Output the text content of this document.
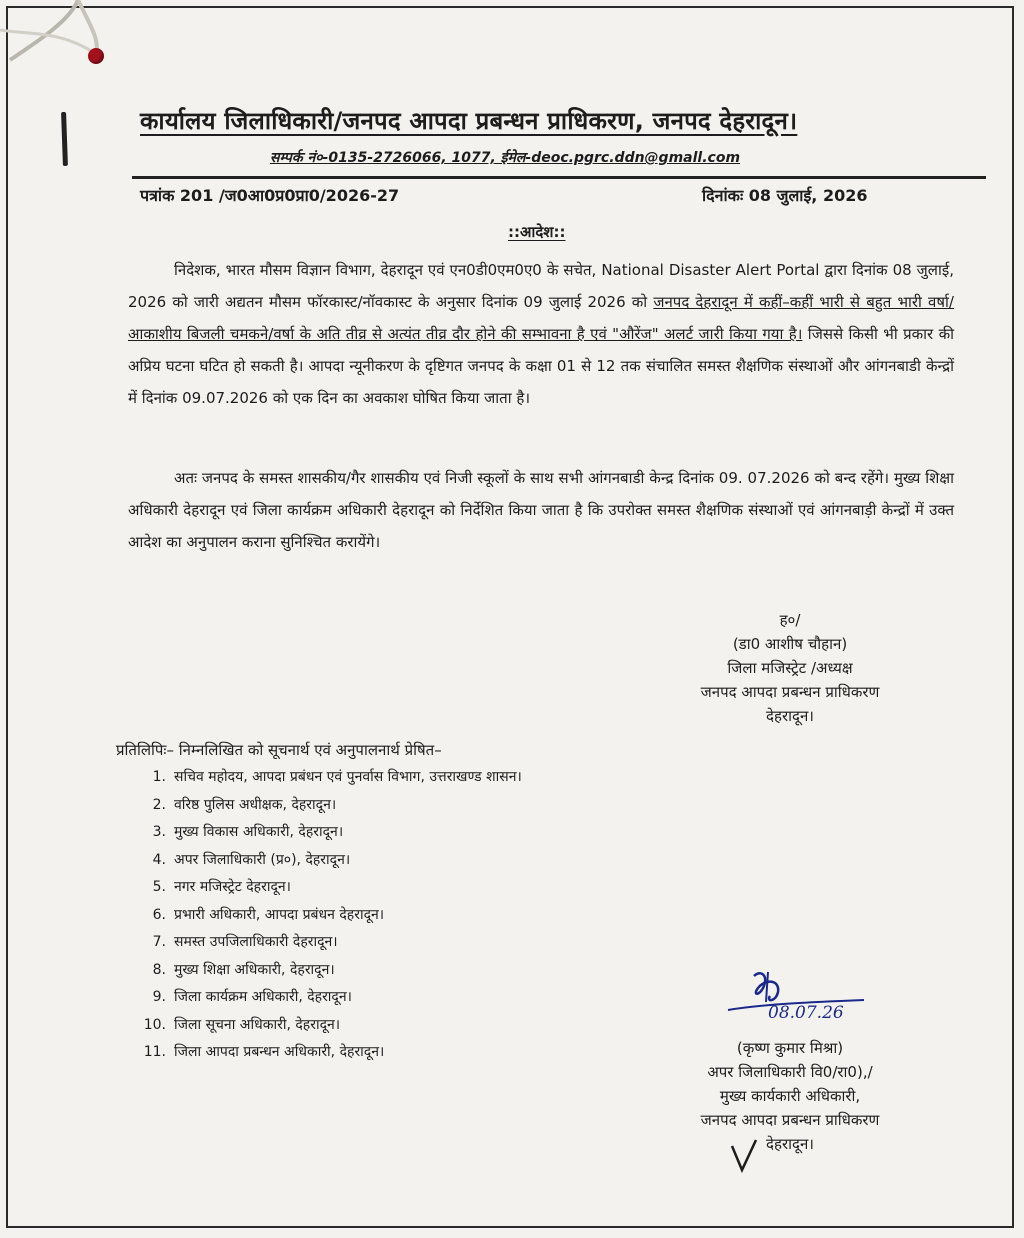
कार्यालय जिलाधिकारी/जनपद आपदा प्रबन्धन प्राधिकरण, जनपद देहरादून।
सम्पर्क नं०-0135-2726066, 1077, ईमेल-deoc.pgrc.ddn@gmall.com
पत्रांक 201 /ज0आ0प्र0प्रा0/2026-27	दिनांकः 08 जुलाई, 2026
::आदेश::

निदेशक, भारत मौसम विज्ञान विभाग, देहरादून एवं एन0डी0एम0ए0 के सचेत, National Disaster Alert Portal द्वारा दिनांक 08 जुलाई, 2026 को जारी अद्यतन मौसम फॉरकास्ट/नॉवकास्ट के अनुसार दिनांक 09 जुलाई 2026 को जनपद देहरादून में कहीं–कहीं भारी से बहुत भारी वर्षा/आकाशीय बिजली चमकने/वर्षा के अति तीव्र से अत्यंत तीव्र दौर होने की सम्भावना है एवं "औरेंज" अलर्ट जारी किया गया है। जिससे किसी भी प्रकार की अप्रिय घटना घटित हो सकती है। आपदा न्यूनीकरण के दृष्टिगत जनपद के कक्षा 01 से 12 तक संचालित समस्त शैक्षणिक संस्थाओं और आंगनबाडी केन्द्रों में दिनांक 09.07.2026 को एक दिन का अवकाश घोषित किया जाता है।

अतः जनपद के समस्त शासकीय/गैर शासकीय एवं निजी स्कूलों के साथ सभी आंगनबाडी केन्द्र दिनांक 09. 07.2026 को बन्द रहेंगे। मुख्य शिक्षा अधिकारी देहरादून एवं जिला कार्यक्रम अधिकारी देहरादून को निर्देशित किया जाता है कि उपरोक्त समस्त शैक्षणिक संस्थाओं एवं आंगनबाड़ी केन्द्रों में उक्त आदेश का अनुपालन कराना सुनिश्चित करायेंगे।

ह०/
(डा0 आशीष चौहान)
जिला मजिस्ट्रेट /अध्यक्ष
जनपद आपदा प्रबन्धन प्राधिकरण
देहरादून।
प्रतिलिपिः– निम्नलिखित को सूचनार्थ एवं अनुपालनार्थ प्रेषित–
1. सचिव महोदय, आपदा प्रबंधन एवं पुनर्वास विभाग, उत्तराखण्ड शासन।
2. वरिष्ठ पुलिस अधीक्षक, देहरादून।
3. मुख्य विकास अधिकारी, देहरादून।
4. अपर जिलाधिकारी (प्र०), देहरादून।
5. नगर मजिस्ट्रेट देहरादून।
6. प्रभारी अधिकारी, आपदा प्रबंधन देहरादून।
7. समस्त उपजिलाधिकारी देहरादून।
8. मुख्य शिक्षा अधिकारी, देहरादून।
9. जिला कार्यक्रम अधिकारी, देहरादून।
10. जिला सूचना अधिकारी, देहरादून।
11. जिला आपदा प्रबन्धन अधिकारी, देहरादून।
08.07.26
(कृष्ण कुमार मिश्रा)
अपर जिलाधिकारी वि0/रा0),/
मुख्य कार्यकारी अधिकारी,
जनपद आपदा प्रबन्धन प्राधिकरण
देहरादून।
